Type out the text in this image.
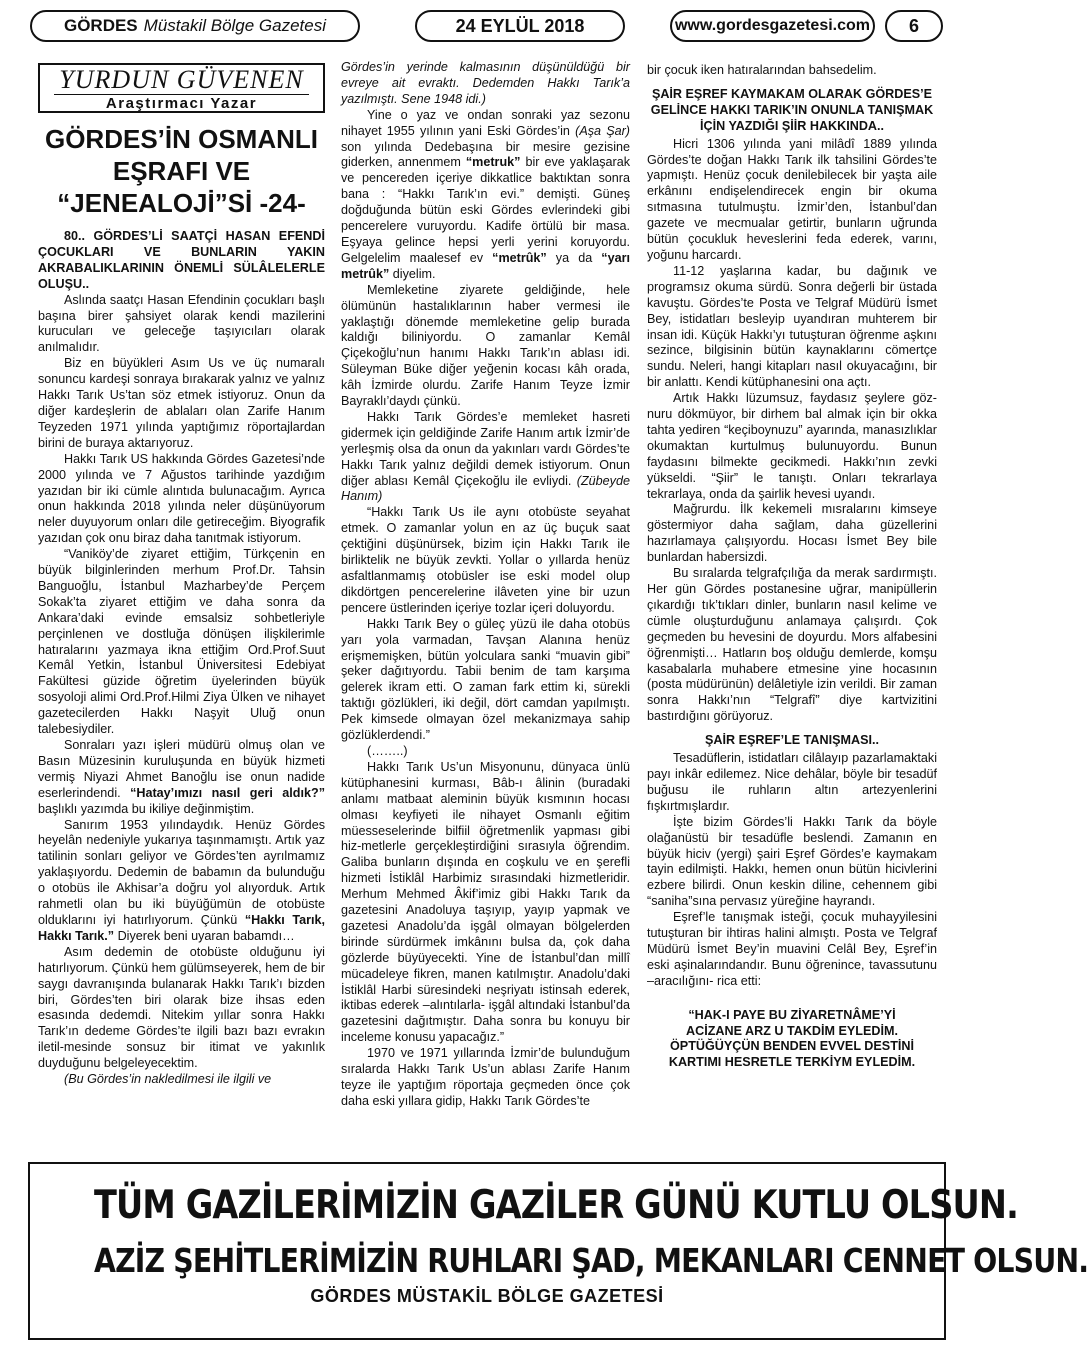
GÖRDES Müstakil Bölge Gazetesi	24 EYLÜL 2018	www.gordesgazetesi.com	6
YURDUN GÜVENEN
Araştırmacı Yazar
GÖRDES’İN OSMANLI EŞRAFI VE “JENEALOJİ”Sİ -24-

80.. GÖRDES’Lİ SAATÇİ HASAN EFENDİ ÇOCUKLARI VE BUNLARIN YAKIN AKRABALIKLARININ ÖNEMLİ SÜLÂLELERLE OLUŞU..

Aslında saatçı Hasan Efendinin çocukları başlı başına birer şahsiyet olarak kendi mazilerini kurucuları ve geleceğe taşıyıcıları olarak anılmalıdır.

Biz en büyükleri Asım Us ve üç numaralı sonuncu kardeşi sonraya bırakarak yalnız ve yalnız Hakkı Tarık Us’tan söz etmek istiyoruz. Onun da diğer kardeşlerin de ablaları olan Zarife Hanım Teyzeden 1971 yılında yaptığımız röportajlardan birini de buraya aktarıyoruz.

Hakkı Tarık US hakkında Gördes Gazetesi’nde 2000 yılında ve 7 Ağustos tarihinde yazdığım yazıdan bir iki cümle alıntıda bulunacağım. Ayrıca onun hakkında 2018 yılında neler düşünüyorum neler duyuyorum onları dile getireceğim. Biyografik yazıdan çok onu biraz daha tanıtmak istiyorum.

“Vaniköy’de ziyaret ettiğim, Türkçenin en büyük bilginlerinden merhum Prof.Dr. Tahsin Banguoğlu, İstanbul Mazharbey’de Perçem Sokak’ta ziyaret ettiğim ve daha sonra da Ankara’daki evinde emsalsiz sohbetleriyle perçinlenen ve dostluğa dönüşen ilişkilerimle hatıralarını yazmaya ikna ettiğim Ord.Prof.Suut Kemâl Yetkin, İstanbul Üniversitesi Edebiyat Fakültesi güzide öğretim üyelerinden büyük sosyoloji alimi Ord.Prof.Hilmi Ziya Ülken ve nihayet gazetecilerden Hakkı Naşyit Uluğ onun talebesiydiler.

Sonraları yazı işleri müdürü olmuş olan ve Basın Müzesinin kuruluşunda en büyük hizmeti vermiş Niyazi Ahmet Banoğlu ise onun nadide eserlerindendi. “Hatay’ımızı nasıl geri aldık?” başlıklı yazımda bu ikiliye değinmiştim.

Sanırım 1953 yılındaydık. Henüz Gördes heyelân nedeniyle yukarıya taşınmamıştı. Artık yaz tatilinin sonları geliyor ve Gördes’ten ayrılmamız yaklaşıyordu. Dedemin de babamın da bulunduğu o otobüs ile Akhisar’a doğru yol alıyorduk. Artık rahmetli olan bu iki büyüğümün de otobüste olduklarını iyi hatırlıyorum. Çünkü “Hakkı Tarık, Hakkı Tarık.” Diyerek beni uyaran babamdı…

Asım dedemin de otobüste olduğunu iyi hatırlıyorum. Çünkü hem gülümseyerek, hem de bir saygı davranışında bulanarak Hakkı Tarık’ı bizden biri, Gördes’ten biri olarak bize ihsas eden esasında dedemdi. Nitekim yıllar sonra Hakkı Tarık’ın dedeme Gördes’te ilgili bazı bazı evrakın iletil-mesinde sonsuz bir itimat ve yakınlık duyduğunu belgeleyecektim.

(Bu Gördes’in nakledilmesi ile ilgili ve

Gördes’in yerinde kalmasının düşünüldüğü bir evreye ait evraktı. Dedemden Hakkı Tarık’a yazılmıştı. Sene 1948 idi.)

Yine o yaz ve ondan sonraki yaz sezonu nihayet 1955 yılının yani Eski Gördes’in (Aşa Şar) son yılında Dedebaşına bir mesire gezisine giderken, annenmem “metruk” bir eve yaklaşarak ve pencereden içeriye dikkatlice baktıktan sonra bana : “Hakkı Tarık’ın evi.” demişti. Güneş doğduğunda bütün eski Gördes evlerindeki gibi pencerelere vuruyordu. Kadife örtülü bir masa. Eşyaya gelince hepsi yerli yerini koruyordu. Gelgelelim maalesef ev “metrûk” ya da “yarı metrûk” diyelim.

Memleketine ziyarete geldiğinde, hele ölümünün hastalıklarının haber vermesi ile yaklaştığı dönemde memleketine gelip burada kaldığı biliniyordu. O zamanlar Kemâl Çiçekoğlu’nun hanımı Hakkı Tarık’ın ablası idi. Süleyman Büke diğer yeğenin kocası kâh orada, kâh İzmirde olurdu. Zarife Hanım Teyze İzmir Bayraklı’daydı çünkü.

Hakkı Tarık Gördes’e memleket hasreti gidermek için geldiğinde Zarife Hanım artık İzmir’de yerleşmiş olsa da onun da yakınları vardı Gördes’te Hakkı Tarık yalnız değildi demek istiyorum. Onun diğer ablası Kemâl Çiçekoğlu ile evliydi. (Zübeyde Hanım)

“Hakkı Tarık Us ile aynı otobüste seyahat etmek. O zamanlar yolun en az üç buçuk saat çektiğini düşünürsek, bizim için Hakkı Tarık ile birliktelik ne büyük zevkti. Yollar o yıllarda henüz asfaltlanmamış otobüsler ise eski model olup dikdörtgen pencerelerine ilâveten yine bir uzun pencere üstlerinden içeriye tozlar içeri doluyordu.

Hakkı Tarık Bey o güleç yüzü ile daha otobüs yarı yola varmadan, Tavşan Alanına henüz erişmemişken, bütün yolculara sanki “muavin gibi” şeker dağıtıyordu. Tabii benim de tam karşıma gelerek ikram etti. O zaman fark ettim ki, sürekli taktığı gözlükleri, iki değil, dört camdan yapılmıştı. Pek kimsede olmayan özel mekanizmaya sahip gözlüklerdendi.”

(……..)

Hakkı Tarık Us’un Misyonunu, dünyaca ünlü kütüphanesini kurması, Bâb-ı âlinin (buradaki anlamı matbaat aleminin büyük kısmının hocası olması keyfiyeti ile nihayet Osmanlı eğitim müesseselerinde bilfiil öğretmenlik yapması gibi hiz-metlerle gerçekleştirdiğini sırasıyla öğrendim. Galiba bunların dışında en coşkulu ve en şerefli hizmeti İstiklâl Harbimiz sırasındaki hizmetleridir. Merhum Mehmed Âkif’imiz gibi Hakkı Tarık da gazetesini Anadoluya taşıyıp, yayıp yapmak ve gazetesi Anadolu’da işgâl olmayan bölgelerden birinde sürdürmek imkânını bulsa da, çok daha gözlerde büyüyecekti. Yine de İstanbul’dan millî mücadeleye fikren, manen katılmıştır. Anadolu’daki İstiklâl Harbi süresindeki neşriyatı istinsah ederek, iktibas ederek –alıntılarla- işgâl altındaki İstanbul’da gazetesini dağıtmıştır. Daha sonra bu konuyu bir inceleme konusu yapacağız.”

1970 ve 1971 yıllarında İzmir’de bulunduğum sıralarda Hakkı Tarık Us’un ablası Zarife Hanım teyze ile yaptığım röportaja geçmeden önce çok daha eski yıllara gidip, Hakkı Tarık Gördes’te

bir çocuk iken hatıralarından bahsedelim.

ŞAİR EŞREF KAYMAKAM OLARAK GÖRDES’E GELİNCE HAKKI TARIK’IN ONUNLA TANIŞMAK İÇİN YAZDIĞI ŞİİR HAKKINDA..

Hicri 1306 yılında yani milâdî 1889 yılında Gördes’te doğan Hakkı Tarık ilk tahsilini Gördes’te yapmıştı. Henüz çocuk denilebilecek bir yaşta aile erkânını endişelendirecek engin bir okuma sıtmasına tutulmuştu. İzmir’den, İstanbul’dan gazete ve mecmualar getirtir, bunların uğrunda bütün çocukluk heveslerini feda ederek, varını, yoğunu harcardı.

11-12 yaşlarına kadar, bu dağınık ve programsız okuma sürdü. Sonra değerli bir üstada kavuştu. Gördes’te Posta ve Telgraf Müdürü İsmet Bey, istidatları besleyip uyandıran muhterem bir insan idi. Küçük Hakkı’yı tutuşturan öğrenme aşkını sezince, bilgisinin bütün kaynaklarını cömertçe sundu. Neleri, hangi kitapları nasıl okuyacağını, bir bir anlattı. Kendi kütüphanesini ona açtı.

Artık Hakkı lüzumsuz, faydasız şeylere göz-nuru dökmüyor, bir dirhem bal almak için bir okka tahta yediren “keçiboynuzu” ayarında, manasızlıklar okumaktan kurtulmuş bulunuyordu. Bunun faydasını bilmekte gecikmedi. Hakkı’nın zevki yükseldi. “Şiir” le tanıştı. Onları tekrarlaya tekrarlaya, onda da şairlik hevesi uyandı.

Mağrurdu. İlk kekemeli mısralarını kimseye göstermiyor daha sağlam, daha güzellerini hazırlamaya çalışıyordu. Hocası İsmet Bey bile bunlardan habersizdi.

Bu sıralarda telgrafçılığa da merak sardırmıştı. Her gün Gördes postanesine uğrar, manipüllerin çıkardığı tık’tıkları dinler, bunların nasıl kelime ve cümle oluşturduğunu anlamaya çalışırdı. Çok geçmeden bu hevesini de doyurdu. Mors alfabesini öğrenmişti… Hatların boş olduğu demlerde, komşu kasabalarla muhabere etmesine yine hocasının (posta müdürünün) delâletiyle izin verildi. Bir zaman sonra Hakkı’nın “Telgrafî” diye kartvizitini bastırdığını görüyoruz.

ŞAİR EŞREF’LE TANIŞMASI..

Tesadüflerin, istidatları cilâlayıp pazarlamaktaki payı inkâr edilemez. Nice dehâlar, böyle bir tesadüf buğusu ile ruhların altın artezyenlerini fışkırtmışlardır.

İşte bizim Gördes’li Hakkı Tarık da böyle olağanüstü bir tesadüfle beslendi. Zamanın en büyük hiciv (yergi) şairi Eşref Gördes’e kaymakam tayin edilmişti. Hakkı, hemen onun bütün hicivlerini ezbere bilirdi. Onun keskin diline, cehennem gibi “saniha”sına pervasız yüreğine hayrandı.

Eşref’le tanışmak isteği, çocuk muhayyilesini tutuşturan bir ihtiras halini almıştı. Posta ve Telgraf Müdürü İsmet Bey’in muavini Celâl Bey, Eşref’in eski aşinalarındandır. Bunu öğrenince, tavassutunu –aracılığını- rica etti:

“HAK-I PAYE BU ZİYARETNÂME’Yİ
ACİZANE ARZ U TAKDİM EYLEDİM.
ÖPTÜĞÜYÇÜN BENDEN EVVEL DESTİNİ
KARTIMI HESRETLE TERKİYM EYLEDİM.
TÜM GAZİLERİMİZİN GAZİLER GÜNÜ KUTLU OLSUN.
AZİZ ŞEHİTLERİMİZİN RUHLARI ŞAD, MEKANLARI CENNET OLSUN.
GÖRDES MÜSTAKİL BÖLGE GAZETESİ
